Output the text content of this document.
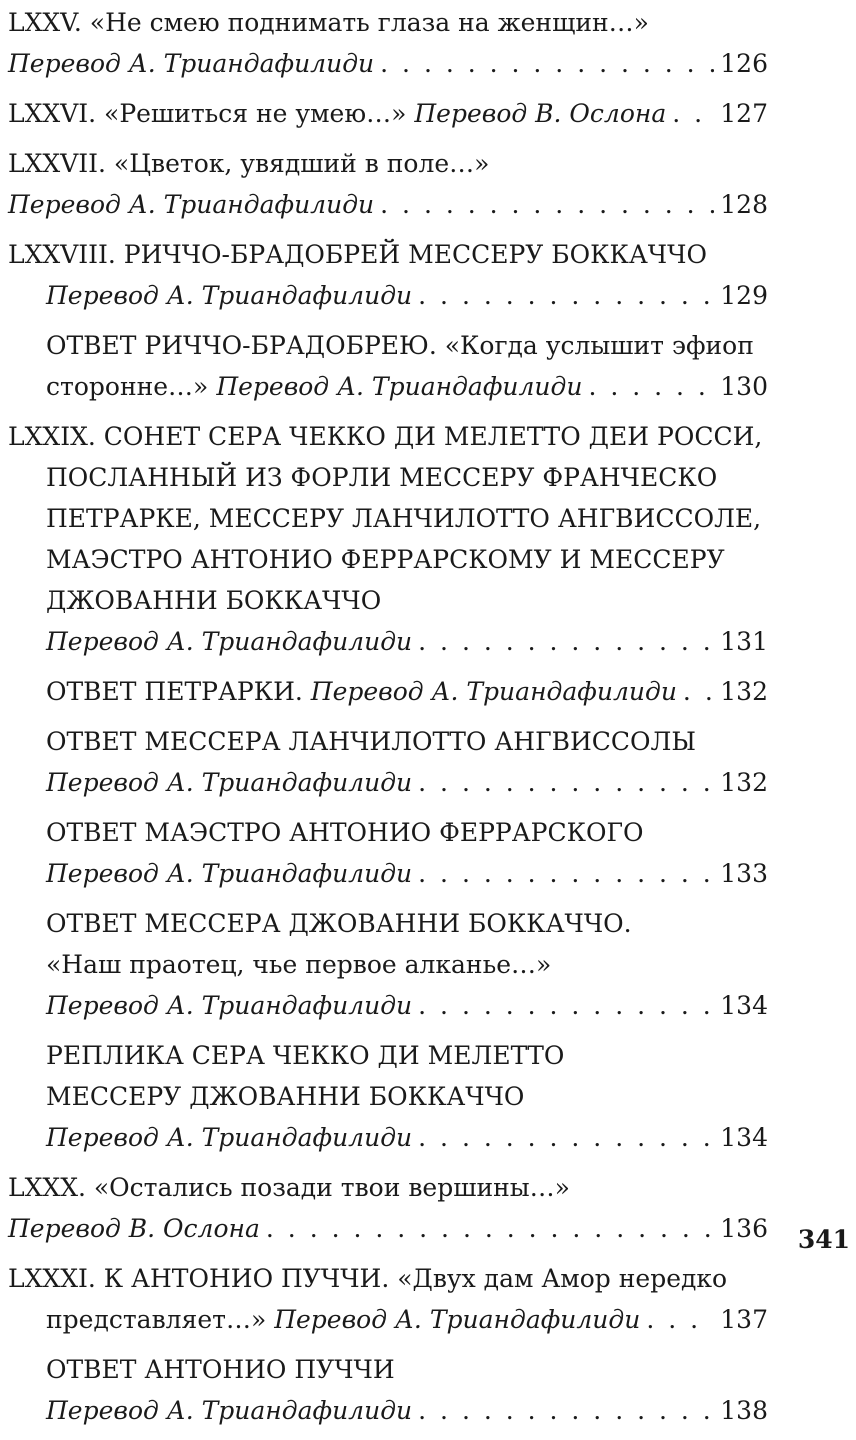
LXXV. «Не смею поднимать глаза на женщин…»
Перевод А. Триандафилиди . . .	126
LXXVI. «Решиться не умею…»
Перевод В. Ослона . . . 127
LXXVII. «Цветок, увядший в поле…»
Перевод А. Триандафилиди . . .	128
LXXVIII. РИЧЧО-БРАДОБРЕЙ МЕССЕРУ БОККАЧЧО
Перевод А. Триандафилиди . . .	129
ОТВЕТ РИЧЧО-БРАДОБРЕЮ. «Когда услышит эфиоп
сторонне…»
Перевод А. Триандафилиди . . .	130
LXXIX. СОНЕТ СЕРА ЧЕККО ДИ МЕЛЕТТО ДЕИ РОССИ,
ПОСЛАННЫЙ ИЗ ФОРЛИ МЕССЕРУ ФРАНЧЕСКО
ПЕТРАРКЕ, МЕССЕРУ ЛАНЧИЛОТТО АНГВИССОЛЕ,
МАЭСТРО АНТОНИО ФЕРРАРСКОМУ И МЕССЕРУ
ДЖОВАННИ БОККАЧЧО
Перевод А. Триандафилиди . . .	131
ОТВЕТ ПЕТРАРКИ.
Перевод А. Триандафилиди . . . 132
ОТВЕТ МЕССЕРА ЛАНЧИЛОТТО АНГВИССОЛЫ
Перевод А. Триандафилиди . . .	132
ОТВЕТ МАЭСТРО АНТОНИО ФЕРРАРСКОГО
Перевод А. Триандафилиди . . .	133
ОТВЕТ МЕССЕРА ДЖОВАННИ БОККАЧЧО.
«Наш праотец, чье первое алканье…»
Перевод А. Триандафилиди . . .	134
РЕПЛИКА СЕРА ЧЕККО ДИ МЕЛЕТТО
МЕССЕРУ ДЖОВАННИ БОККАЧЧО
Перевод А. Триандафилиди . . .	134
LXXX. «Остались позади твои вершины…»
Перевод В. Ослона . . .	136
LXXXI. К АНТОНИО ПУЧЧИ. «Двух дам Амор нередко
представляет…»
Перевод А. Триандафилиди . . .	137
ОТВЕТ АНТОНИО ПУЧЧИ
Перевод А. Триандафилиди . . .	138
341
